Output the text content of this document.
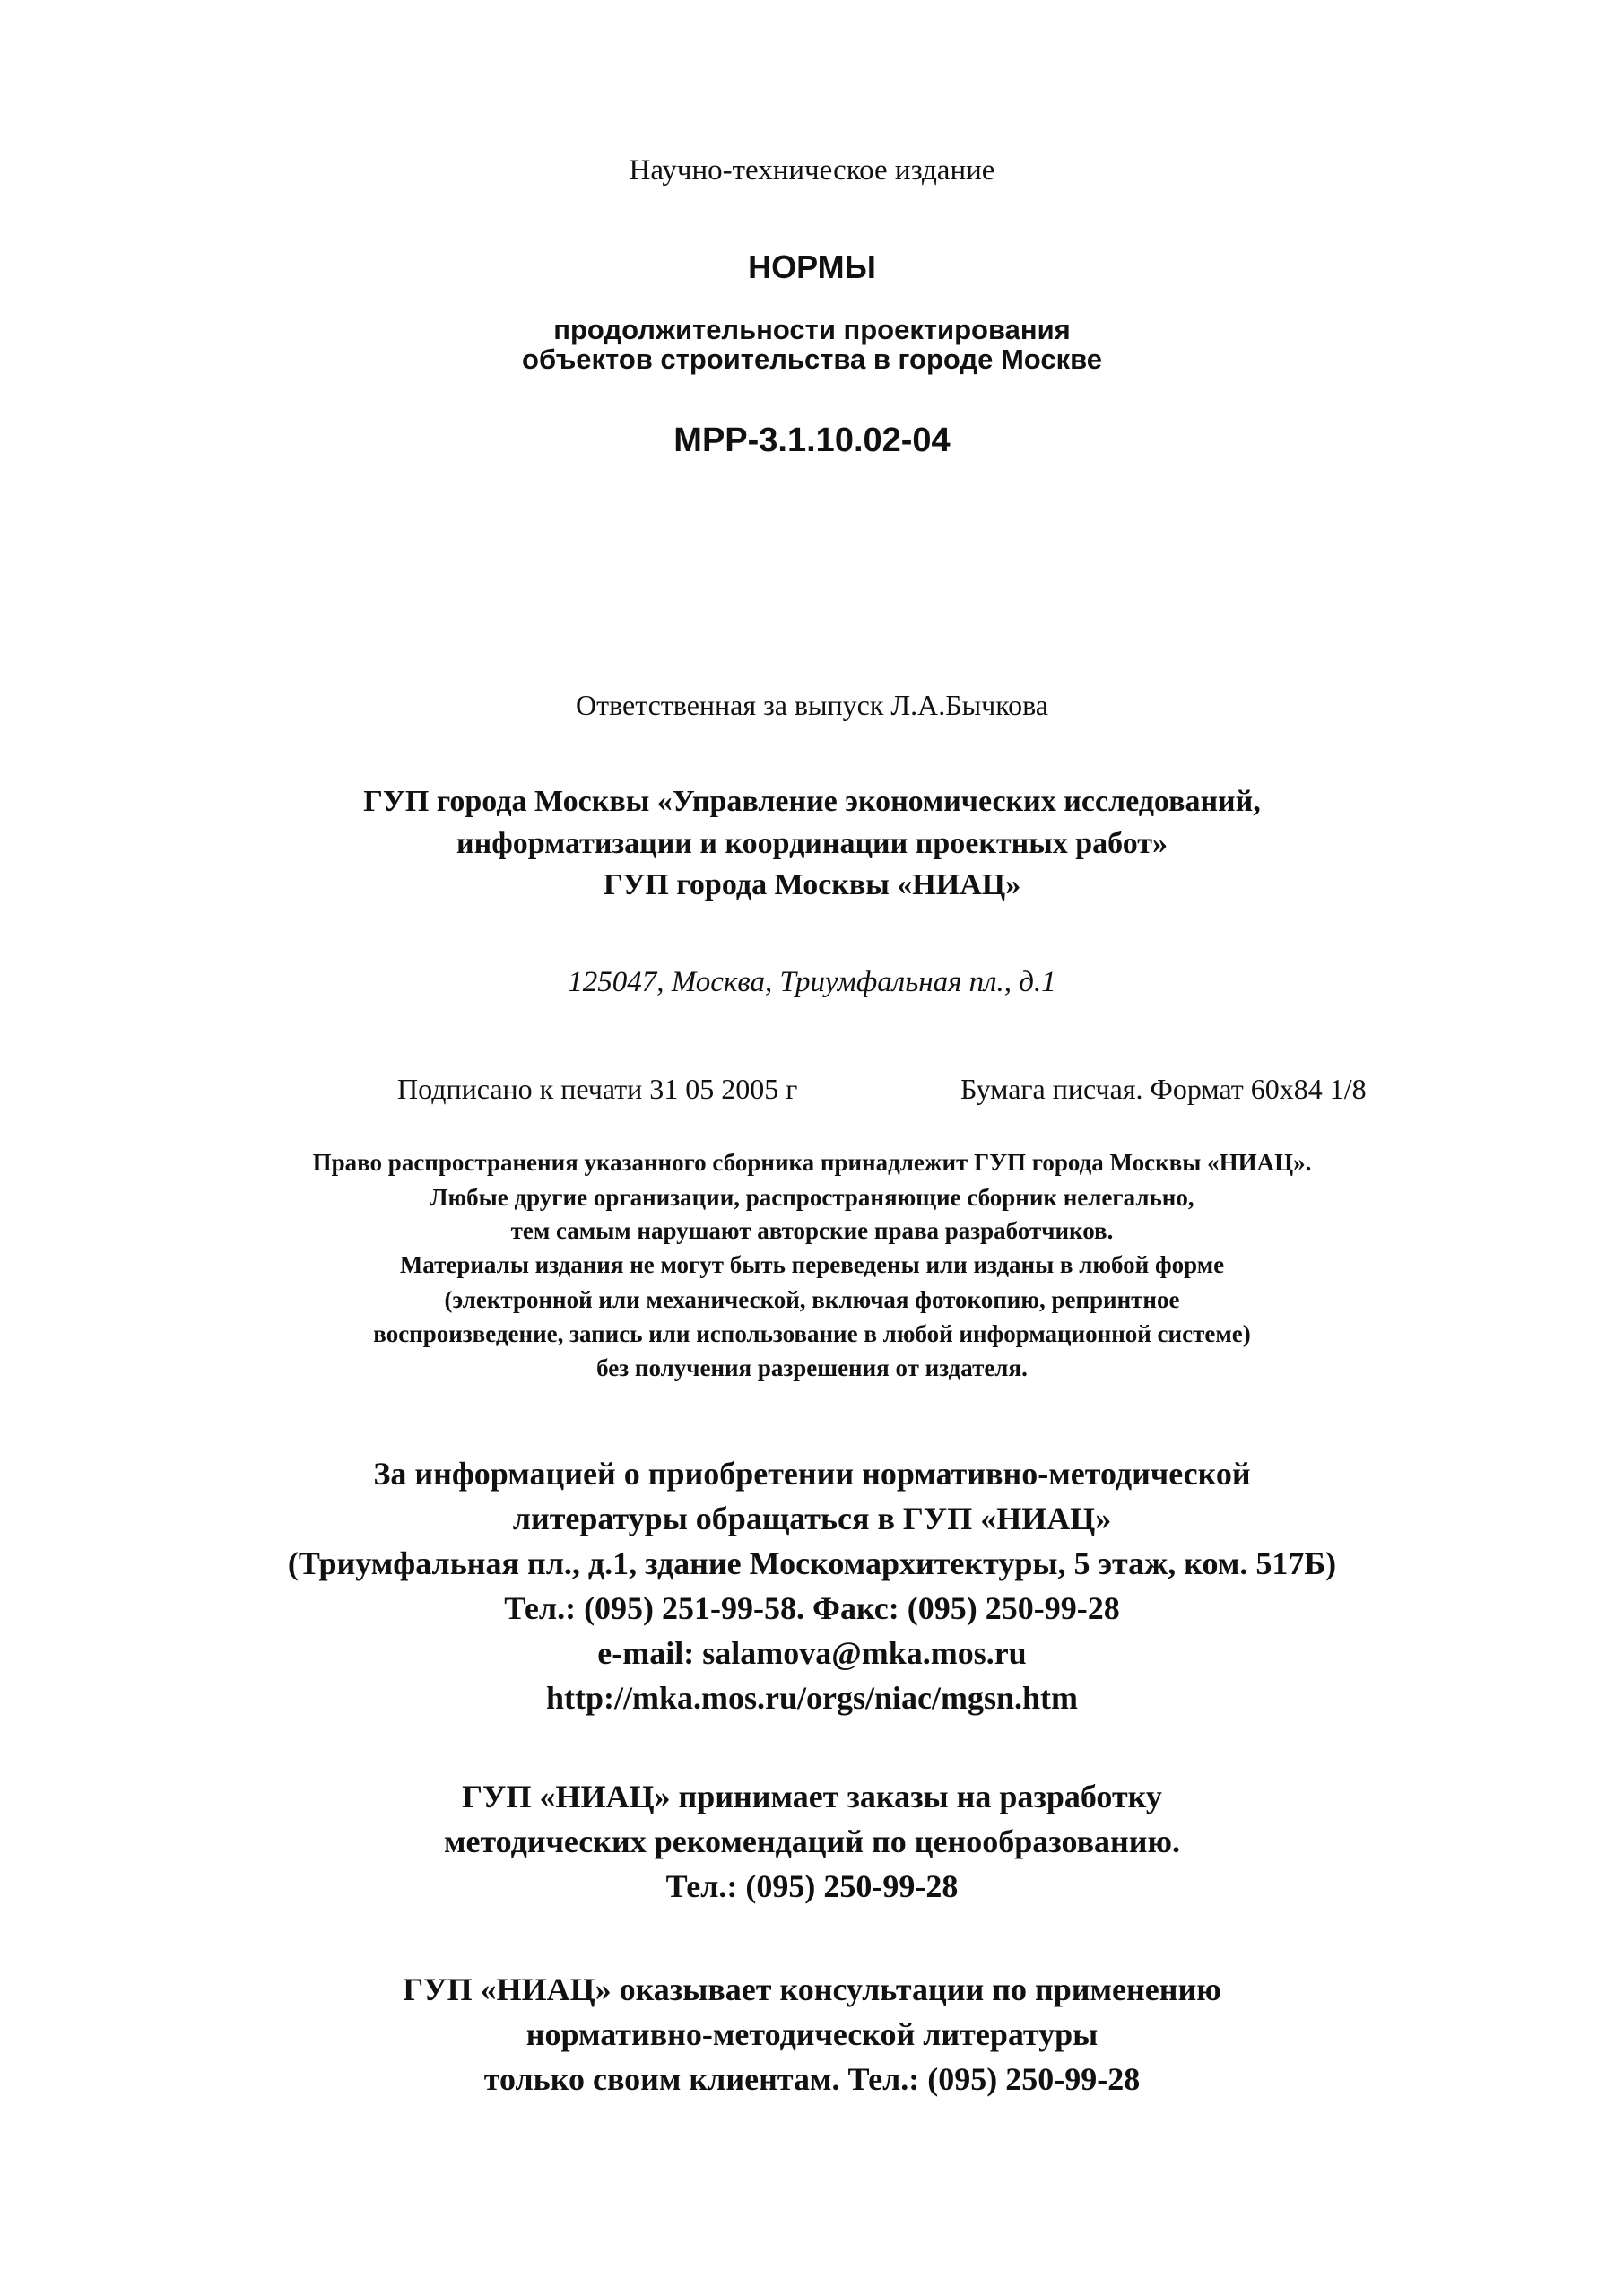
Научно-техническое издание
НОРМЫ
продолжительности проектирования
объектов строительства в городе Москве
МРР-3.1.10.02-04
Ответственная за выпуск Л.А.Бычкова
ГУП города Москвы «Управление экономических исследований,
информатизации и координации проектных работ»
ГУП города Москвы «НИАЦ»
125047, Москва, Триумфальная пл., д.1
Подписано к печати 31 05 2005 г	Бумага писчая. Формат 60х84 1/8
Право распространения указанного сборника принадлежит ГУП города Москвы «НИАЦ».
Любые другие организации, распространяющие сборник нелегально,
тем самым нарушают авторские права разработчиков.
Материалы издания не могут быть переведены или изданы в любой форме
(электронной или механической, включая фотокопию, репринтное
воспроизведение, запись или использование в любой информационной системе)
без получения разрешения от издателя.
За информацией о приобретении нормативно-методической
литературы обращаться в ГУП «НИАЦ»
(Триумфальная пл., д.1, здание Москомархитектуры, 5 этаж, ком. 517Б)
Тел.: (095) 251-99-58. Факс: (095) 250-99-28
e-mail: salamova@mka.mos.ru
http://mka.mos.ru/orgs/niac/mgsn.htm
ГУП «НИАЦ» принимает заказы на разработку
методических рекомендаций по ценообразованию.
Тел.: (095) 250-99-28
ГУП «НИАЦ» оказывает консультации по применению
нормативно-методической литературы
только своим клиентам. Тел.: (095) 250-99-28
